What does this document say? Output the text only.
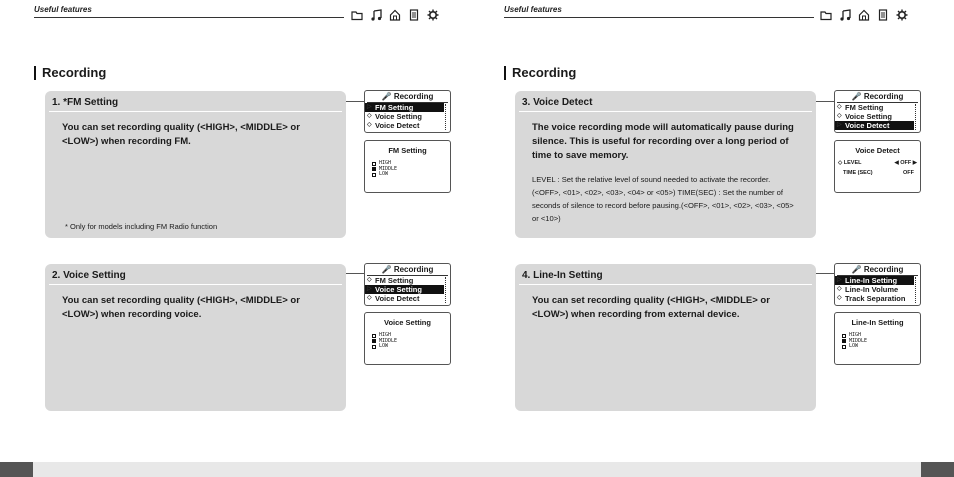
Useful features
Recording
1. *FM Setting
You can set recording quality (<HIGH>, <MIDDLE> or <LOW>) when recording FM.
* Only for models including FM Radio function
🎤 Recording
▷ FM Setting
◇ Voice Setting
◇ Voice Detect
FM Setting
HIGH
MIDDLE
LOW
2. Voice Setting
You can set recording quality (<HIGH>, <MIDDLE> or <LOW>) when recording voice.
🎤 Recording
◇ FM Setting
▷ Voice Setting
◇ Voice Detect
Voice Setting
HIGH
MIDDLE
LOW
Useful features
Recording
3. Voice Detect
The voice recording mode will automatically pause during silence. This is useful for recording over a long period of time to save memory.
LEVEL : Set the relative level of sound needed to activate the recorder. (<OFF>, <01>, <02>, <03>, <04> or <05>) TIME(SEC) : Set the number of seconds of silence to record before pausing.(<OFF>, <01>, <02>, <03>, <05> or <10>)
🎤 Recording
◇ FM Setting
◇ Voice Setting
▷ Voice Detect
Voice Detect
◇ LEVEL	◀ OFF ▶
TIME (SEC)	OFF
4. Line-In Setting
You can set recording quality (<HIGH>, <MIDDLE> or <LOW>) when recording from external device.
🎤 Recording
▷ Line-In Setting
◇ Line-In Volume
◇ Track Separation
Line-In Setting
HIGH
MIDDLE
LOW
